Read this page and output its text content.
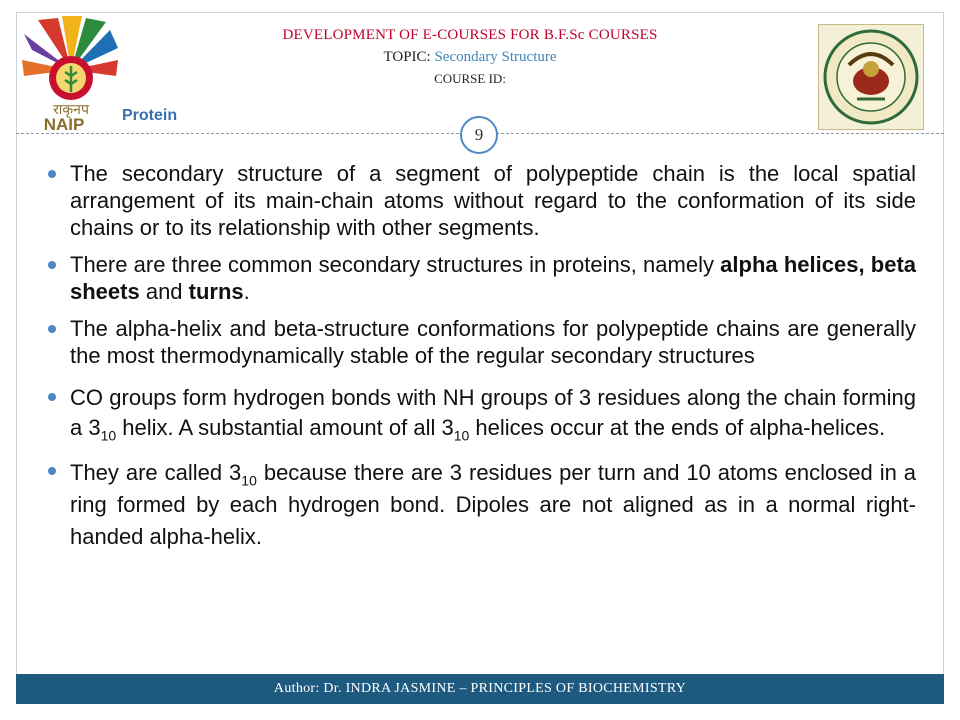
राकृनप
NAIP Protein
DEVELOPMENT OF E-COURSES FOR B.F.Sc COURSES
TOPIC: Secondary Structure
COURSE ID:
9
The secondary structure of a segment of polypeptide chain is the local spatial arrangement of its main-chain atoms without regard to the conformation of its side chains or to its relationship with other segments.
There are three common secondary structures in proteins, namely alpha helices, beta sheets and turns.
The alpha-helix and beta-structure conformations for polypeptide chains are generally the most thermodynamically stable of the regular secondary structures
CO groups form hydrogen bonds with NH groups of 3 residues along the chain forming a $3_{10}$ helix. A substantial amount of all $3_{10}$ helices occur at the ends of alpha-helices.
They are called $3_{10}$ because there are 3 residues per turn and 10 atoms enclosed in a ring formed by each hydrogen bond. Dipoles are not aligned as in a normal right-handed alpha-helix.
Author: Dr. INDRA JASMINE – PRINCIPLES OF BIOCHEMISTRY
